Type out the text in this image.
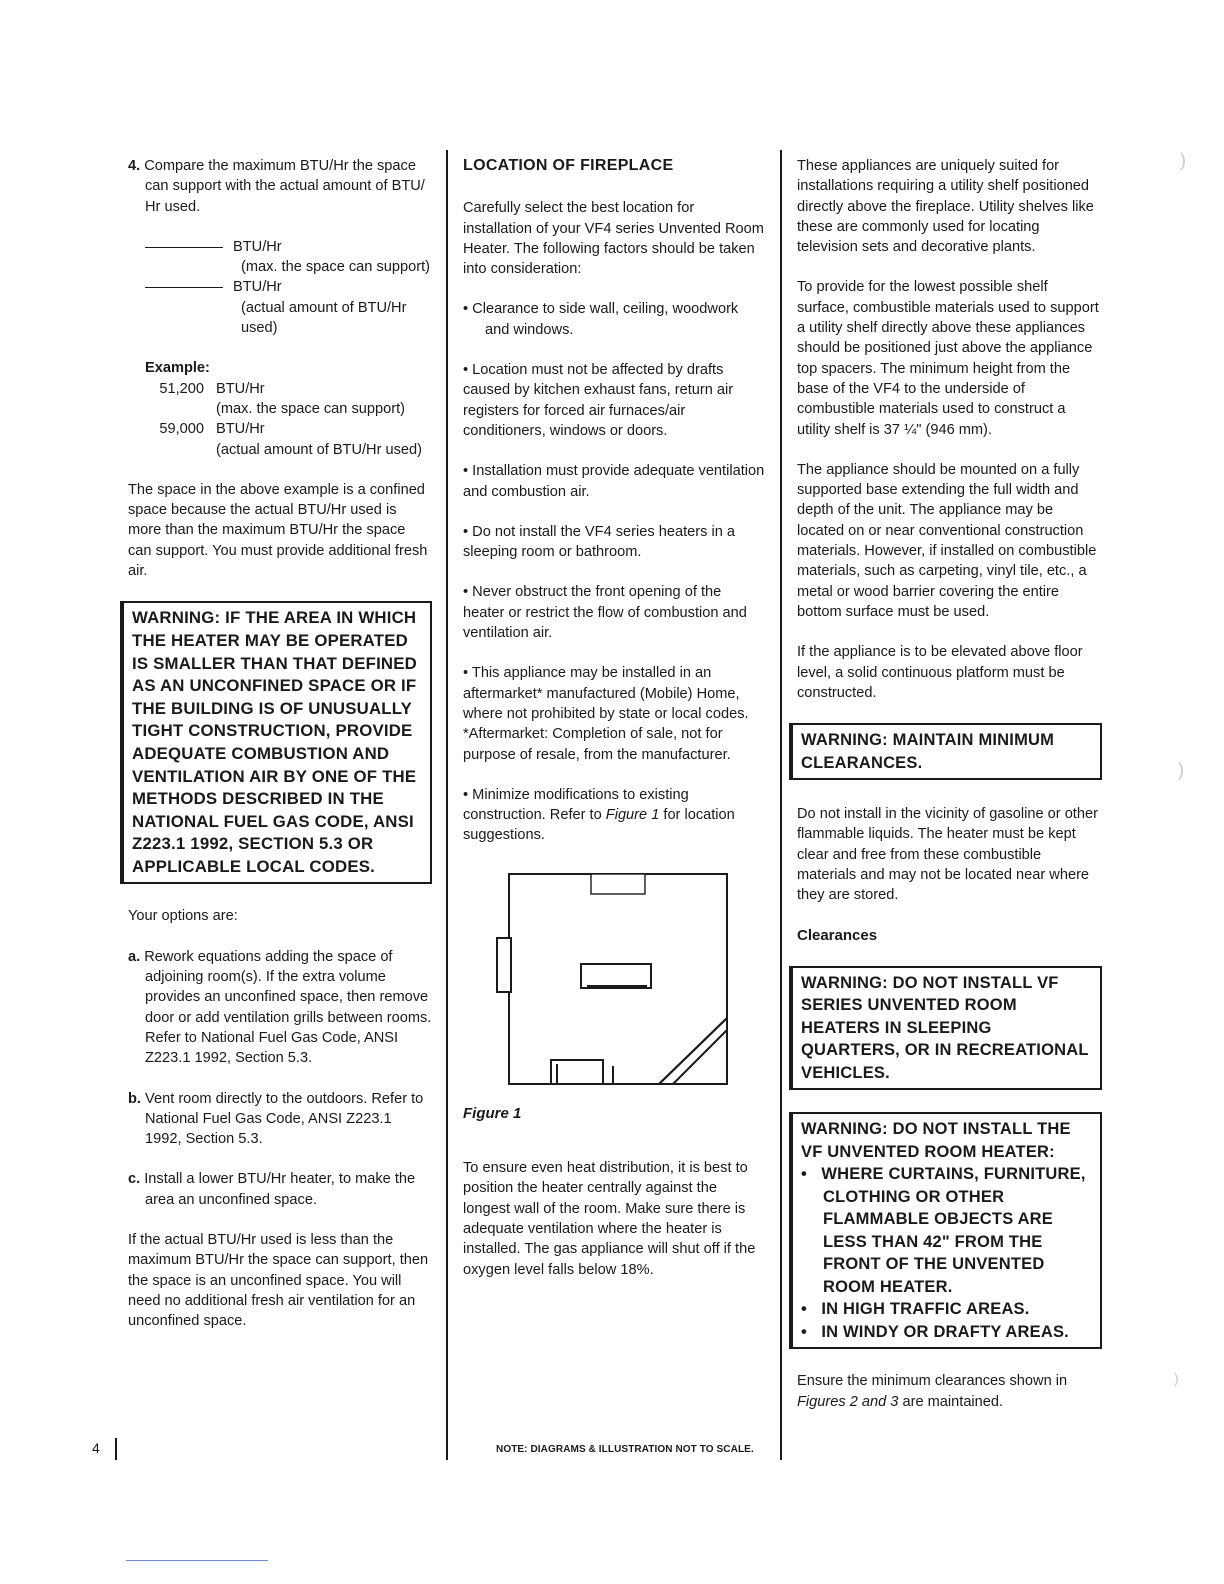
4. Compare the maximum BTU/Hr the space can support with the actual amount of BTU/ Hr used.
BTU/Hr
(max. the space can support)
BTU/Hr
(actual amount of BTU/Hr used)
Example:
51,200 BTU/Hr
(max. the space can support)
59,000 BTU/Hr
(actual amount of BTU/Hr used)

The space in the above example is a confined space because the actual BTU/Hr used is more than the maximum BTU/Hr the space can support. You must provide additional fresh air.

WARNING: IF THE AREA IN WHICH THE HEATER MAY BE OPERATED IS SMALLER THAN THAT DEFINED AS AN UNCONFINED SPACE OR IF THE BUILDING IS OF UNUSUALLY TIGHT CONSTRUCTION, PROVIDE ADEQUATE COMBUSTION AND VENTILATION AIR BY ONE OF THE METHODS DESCRIBED IN THE NATIONAL FUEL GAS CODE, ANSI Z223.1 1992, SECTION 5.3 OR APPLICABLE LOCAL CODES.

Your options are:

a. Rework equations adding the space of adjoining room(s). If the extra volume provides an unconfined space, then remove door or add ventilation grills between rooms. Refer to National Fuel Gas Code, ANSI Z223.1 1992, Section 5.3.
b. Vent room directly to the outdoors. Refer to National Fuel Gas Code, ANSI Z223.1 1992, Section 5.3.
c. Install a lower BTU/Hr heater, to make the area an unconfined space.

If the actual BTU/Hr used is less than the maximum BTU/Hr the space can support, then the space is an unconfined space. You will need no additional fresh air ventilation for an unconfined space.

LOCATION OF FIREPLACE

Carefully select the best location for installation of your VF4 series Unvented Room Heater. The following factors should be taken into consideration:

• Clearance to side wall, ceiling, woodwork and windows.
• Location must not be affected by drafts caused by kitchen exhaust fans, return air registers for forced air furnaces/air conditioners, windows or doors.
• Installation must provide adequate ventilation and combustion air.
• Do not install the VF4 series heaters in a sleeping room or bathroom.
• Never obstruct the front opening of the heater or restrict the flow of combustion and ventilation air.
• This appliance may be installed in an aftermarket* manufactured (Mobile) Home, where not prohibited by state or local codes.
*Aftermarket: Completion of sale, not for purpose of resale, from the manufacturer.
• Minimize modifications to existing construction. Refer to Figure 1 for location suggestions.
Figure 1

To ensure even heat distribution, it is best to position the heater centrally against the longest wall of the room. Make sure there is adequate ventilation where the heater is installed. The gas appliance will shut off if the oxygen level falls below 18%.

These appliances are uniquely suited for installations requiring a utility shelf positioned directly above the fireplace. Utility shelves like these are commonly used for locating television sets and decorative plants.

To provide for the lowest possible shelf surface, combustible materials used to support a utility shelf directly above these appliances should be positioned just above the appliance top spacers. The minimum height from the base of the VF4 to the underside of combustible materials used to construct a utility shelf is 37 ¼" (946 mm).

The appliance should be mounted on a fully supported base extending the full width and depth of the unit. The appliance may be located on or near conventional construction materials. However, if installed on combustible materials, such as carpeting, vinyl tile, etc., a metal or wood barrier covering the entire bottom surface must be used.

If the appliance is to be elevated above floor level, a solid continuous platform must be constructed.

WARNING: MAINTAIN MINIMUM CLEARANCES.

Do not install in the vicinity of gasoline or other flammable liquids. The heater must be kept clear and free from these combustible materials and may not be located near where they are stored.

Clearances
WARNING: DO NOT INSTALL VF SERIES UNVENTED ROOM HEATERS IN SLEEPING QUARTERS, OR IN RECREATIONAL VEHICLES.
WARNING: DO NOT INSTALL THE VF UNVENTED ROOM HEATER:
•   WHERE CURTAINS, FURNITURE, CLOTHING OR OTHER FLAMMABLE OBJECTS ARE LESS THAN 42" FROM THE FRONT OF THE UNVENTED ROOM HEATER.
•   IN HIGH TRAFFIC AREAS.
•   IN WINDY OR DRAFTY AREAS.

Ensure the minimum clearances shown in Figures 2 and 3 are maintained.

4	NOTE: DIAGRAMS & ILLUSTRATION NOT TO SCALE.
)
)
)
